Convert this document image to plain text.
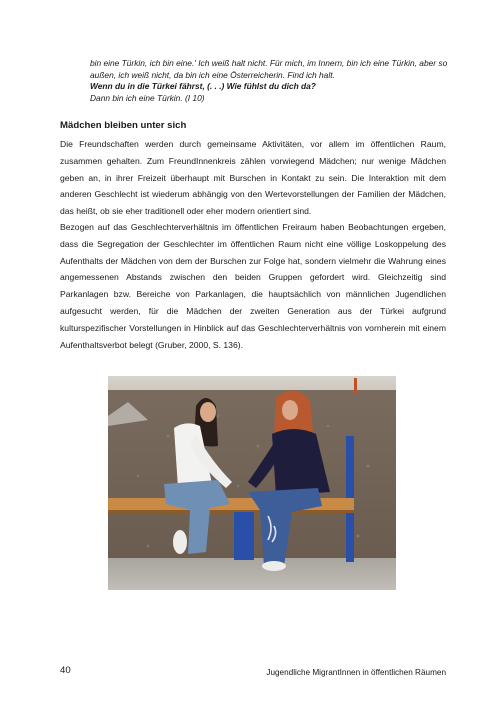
bin eine Türkin, ich bin eine.' Ich weiß halt nicht. Für mich, im Innern, bin ich eine Türkin, aber so außen, ich weiß nicht, da bin ich eine Österreicherin. Find ich halt.
Wenn du in die Türkei fährst, (. . .) Wie fühlst du dich da?
Dann bin ich eine Türkin. (I 10)
Mädchen bleiben unter sich

Die Freundschaften werden durch gemeinsame Aktivitäten, vor allem im öffentlichen Raum, zusammen gehalten. Zum FreundInnenkreis zählen vorwiegend Mädchen; nur wenige Mädchen geben an, in ihrer Freizeit überhaupt mit Burschen in Kontakt zu sein. Die Interaktion mit dem anderen Geschlecht ist wiederum abhängig von den Wertevorstellungen der Familien der Mädchen, das heißt, ob sie eher traditionell oder eher modern orientiert sind.

Bezogen auf das Geschlechterverhältnis im öffentlichen Freiraum haben Beobachtungen ergeben, dass die Segregation der Geschlechter im öffentlichen Raum nicht eine völlige Loskoppelung des Aufenthalts der Mädchen von dem der Burschen zur Folge hat, sondern vielmehr die Wahrung eines angemessenen Abstands zwischen den beiden Gruppen gefordert wird. Gleichzeitig sind Parkanlagen bzw. Bereiche von Parkanlagen, die hauptsächlich von männlichen Jugendlichen aufgesucht werden, für die Mädchen der zweiten Generation aus der Türkei aufgrund kulturspezifischer Vorstellungen in Hinblick auf das Geschlechterverhältnis von vornherein mit einem Aufenthaltsverbot belegt (Gruber, 2000, S. 136).

40	Jugendliche MigrantInnen in öffentlichen Räumen
